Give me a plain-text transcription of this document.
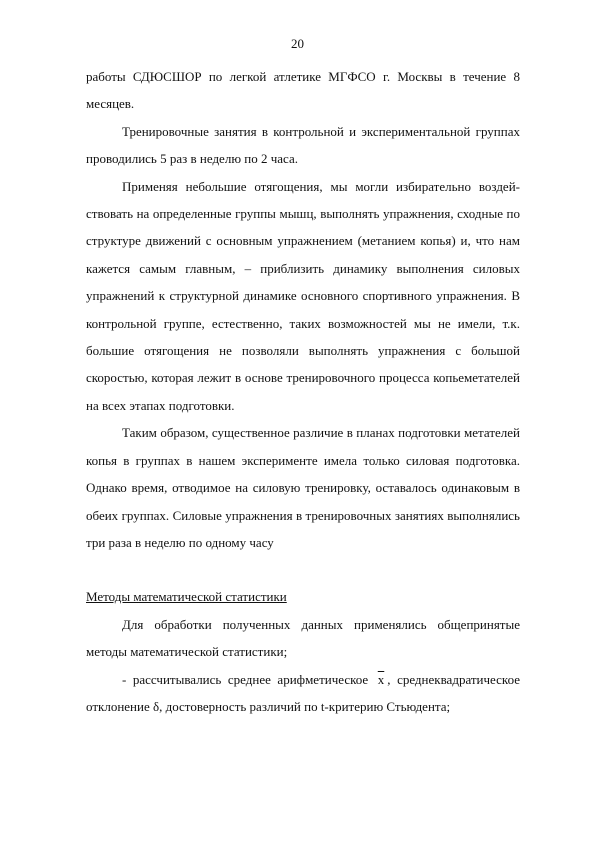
20

работы СДЮСШОР по легкой атлетике МГФСО г. Москвы в течение 8 месяцев.

Тренировочные занятия в контрольной и экспериментальной группах проводились 5 раз в неделю по 2 часа.

Применяя небольшие отягощения, мы могли избирательно воздей-ствовать на определенные группы мышц, выполнять упражнения, сходные по структуре движений с основным упражнением (метанием копья) и, что нам кажется самым главным, – приблизить динамику выполнения силовых упражнений к структурной динамике основного спортивного упражнения. В контрольной группе, естественно, таких возможностей мы не имели, т.к. большие отягощения не позволяли выполнять упражнения с большой скоростью, которая лежит в основе тренировочного процесса копьеметателей на всех этапах подготовки.

Таким образом, существенное различие в планах подготовки метателей копья в группах в нашем эксперименте имела только силовая подготовка. Однако время, отводимое на силовую тренировку, оставалось одинаковым в обеих группах. Силовые упражнения в тренировочных занятиях выполнялись три раза в неделю по одному часу

Методы математической статистики

Для обработки полученных данных применялись общепринятые методы математической статистики;

- рассчитывались среднее арифметическое $\overline{x}$ , среднеквадратическое отклонение δ, достоверность различий по t-критерию Стьюдента;
